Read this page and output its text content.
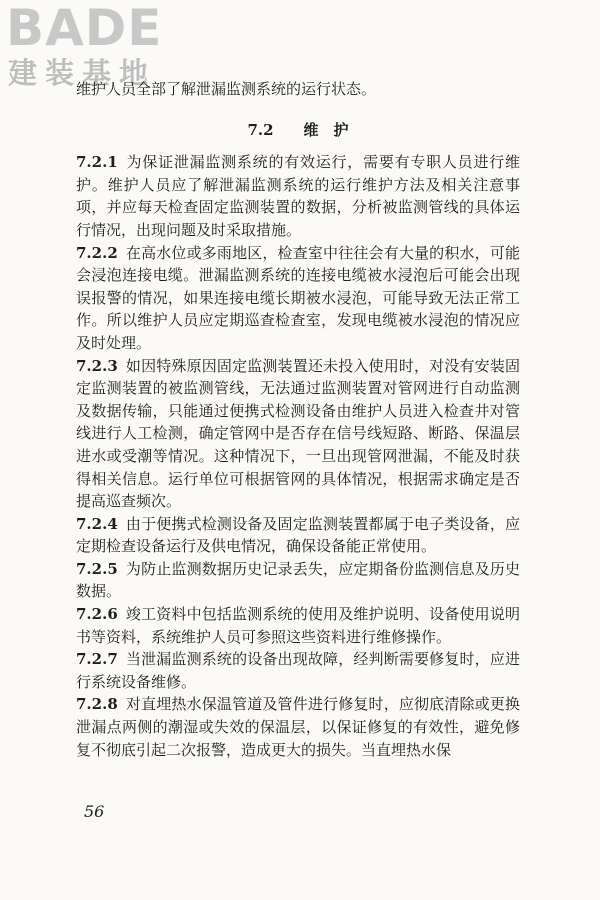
BADE
建装基地

维护人员全部了解泄漏监测系统的运行状态。

7.2 维　护

7.2.1 为保证泄漏监测系统的有效运行，需要有专职人员进行维护。维护人员应了解泄漏监测系统的运行维护方法及相关注意事项，并应每天检查固定监测装置的数据，分析被监测管线的具体运行情况，出现问题及时采取措施。

7.2.2 在高水位或多雨地区，检查室中往往会有大量的积水，可能会浸泡连接电缆。泄漏监测系统的连接电缆被水浸泡后可能会出现误报警的情况，如果连接电缆长期被水浸泡，可能导致无法正常工作。所以维护人员应定期巡查检查室，发现电缆被水浸泡的情况应及时处理。

7.2.3 如因特殊原因固定监测装置还未投入使用时，对没有安装固定监测装置的被监测管线，无法通过监测装置对管网进行自动监测及数据传输，只能通过便携式检测设备由维护人员进入检查井对管线进行人工检测，确定管网中是否存在信号线短路、断路、保温层进水或受潮等情况。这种情况下，一旦出现管网泄漏，不能及时获得相关信息。运行单位可根据管网的具体情况，根据需求确定是否提高巡查频次。

7.2.4 由于便携式检测设备及固定监测装置都属于电子类设备，应定期检查设备运行及供电情况，确保设备能正常使用。

7.2.5 为防止监测数据历史记录丢失，应定期备份监测信息及历史数据。

7.2.6 竣工资料中包括监测系统的使用及维护说明、设备使用说明书等资料，系统维护人员可参照这些资料进行维修操作。

7.2.7 当泄漏监测系统的设备出现故障，经判断需要修复时，应进行系统设备维修。

7.2.8 对直埋热水保温管道及管件进行修复时，应彻底清除或更换泄漏点两侧的潮湿或失效的保温层，以保证修复的有效性，避免修复不彻底引起二次报警，造成更大的损失。当直埋热水保

56
